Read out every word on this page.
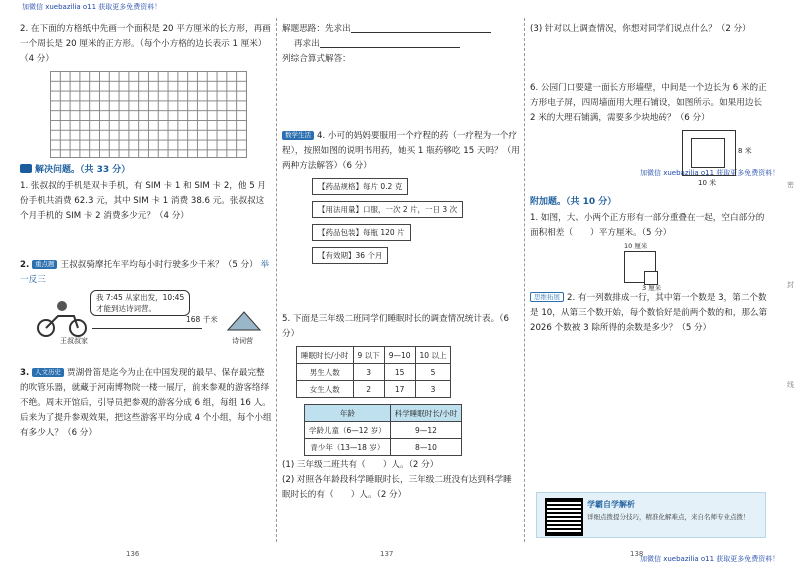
加微信 xuebazilia o11 获取更多免费资料！
加微信 xuebazilia o11 获取更多免费资料！
加微信 xuebazilia o11 获取更多免费资料！

2. 在下面的方格纸中先画一个面积是 20 平方厘米的长方形，再画一个周长是 20 厘米的正方形。（每个小方格的边长表示 1 厘米）（4 分）

解决问题。（共 33 分）

1. 张叔叔的手机是双卡手机，有 SIM 卡 1 和 SIM 卡 2，他 5 月份手机共消费 62.3 元，其中 SIM 卡 1 消费 38.6 元。张叔叔这个月手机的 SIM 卡 2 消费多少元？（4 分）

2. 重点题 王叔叔骑摩托车平均每小时行驶多少千米？（5 分） 举一反三

我 7:45 从家出发，10:45
才能到达诗词营。
王叔叔家
168 千米
诗词营

3. 人文历史 贾湖骨笛是迄今为止在中国发现的最早、保存最完整的吹管乐器，就藏于河南博物院一楼一展厅，前来参观的游客络绎不绝。周末开馆后，引导员把参观的游客分成 6 组，每组 16 人。后来为了提升参观效果，把这些游客平均分成 4 个小组，每个小组有多少人？（6 分）

136

解题思路：先求出

再求出

列综合算式解答：

数学生活 4. 小可的妈妈要服用一个疗程的药（一疗程为一个疗程），按照如图的说明书用药，她买 1 瓶药够吃 15 天吗？（用两种方法解答）（6 分）

【药品规格】每片 0.2 克
【用法用量】口服，一次 2 片，一日 3 次
【药品包装】每瓶 120 片
【有效期】36 个月

5. 下面是三年级二班同学们睡眠时长的调查情况统计表。（6 分）

睡眠时长/小时	9 以下	9—10	10 以上
男生人数	3	15	5
女生人数	2	17	3
年龄	科学睡眠时长/小时
学龄儿童（6—12 岁）	9—12
青少年（13—18 岁）	8—10

(1) 三年级二班共有（　　）人。（2 分）

(2) 对照各年龄段科学睡眠时长，三年级二班没有达到科学睡眠时长的有（　　）人。（2 分）

137

(3) 针对以上调查情况，你想对同学们说点什么？（2 分）

6. 公园门口要建一面长方形墙壁，中间是一个边长为 6 米的正方形电子屏，四周墙面用大理石铺设，如图所示。如果用边长 2 米的大理石铺满，需要多少块地砖？（6 分）

8 米
10 米
附加题。（共 10 分）

1. 如图，大、小两个正方形有一部分重叠在一起，空白部分的面积相差（　　）平方厘米。（5 分）

10 厘米
3 厘米

思维拓展 2. 有一列数排成一行，其中第一个数是 3，第二个数是 10，从第三个数开始，每个数恰好是前两个数的和，那么第 2026 个数被 3 除所得的余数是多少？（5 分）

学霸自学解析
详细点拨提分技巧，精准化解难点，来自名师专业点拨！
138
密
封
线
